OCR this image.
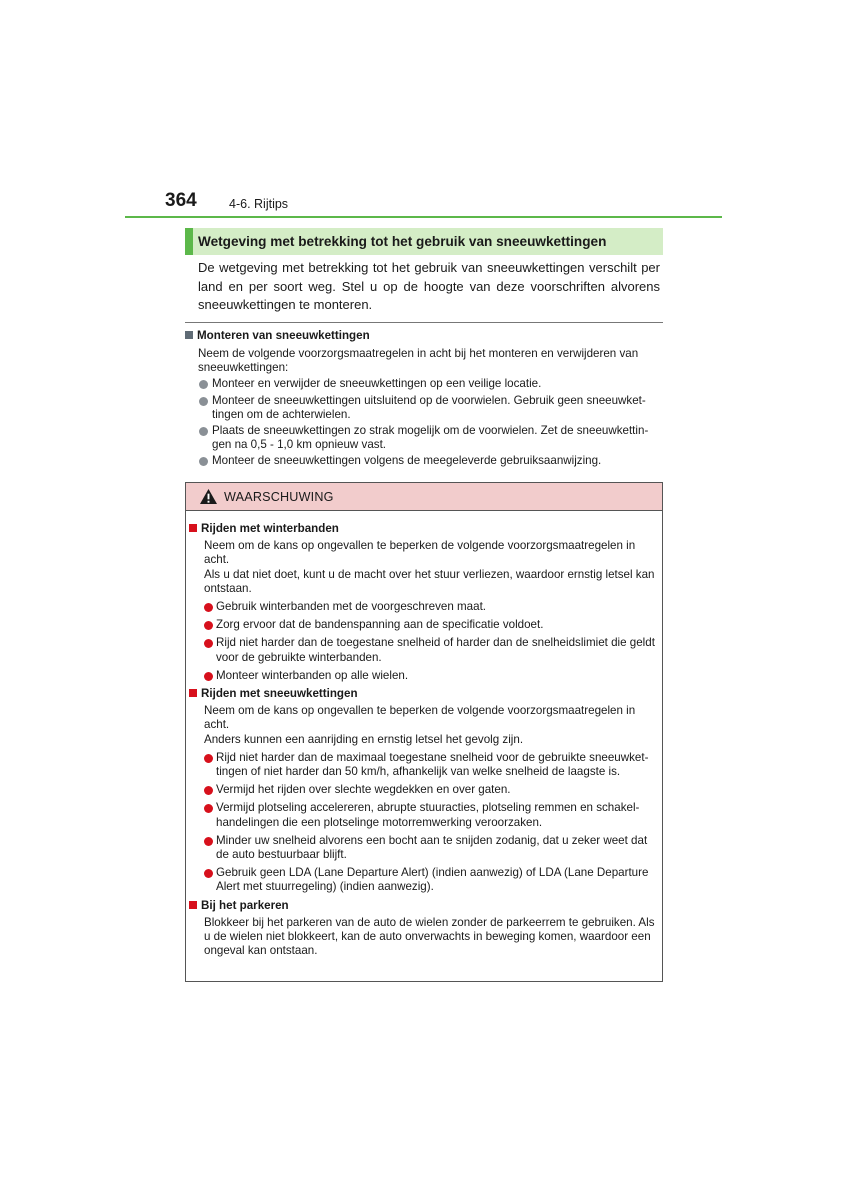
364	4-6. Rijtips
Wetgeving met betrekking tot het gebruik van sneeuwkettingen

De wetgeving met betrekking tot het gebruik van sneeuwkettingen verschilt per land en per soort weg. Stel u op de hoogte van deze voorschriften alvorens sneeuwkettingen te monteren.

Monteren van sneeuwkettingen

Neem de volgende voorzorgsmaatregelen in acht bij het monteren en verwijderen van sneeuwkettingen:

Monteer en verwijder de sneeuwkettingen op een veilige locatie.
Monteer de sneeuwkettingen uitsluitend op de voorwielen. Gebruik geen sneeuwkettingen om de achterwielen.
Plaats de sneeuwkettingen zo strak mogelijk om de voorwielen. Zet de sneeuwkettingen na 0,5 - 1,0 km opnieuw vast.
Monteer de sneeuwkettingen volgens de meegeleverde gebruiksaanwijzing.
WAARSCHUWING
Rijden met winterbanden

Neem om de kans op ongevallen te beperken de volgende voorzorgsmaatregelen in acht.

Als u dat niet doet, kunt u de macht over het stuur verliezen, waardoor ernstig letsel kan ontstaan.

Gebruik winterbanden met de voorgeschreven maat.
Zorg ervoor dat de bandenspanning aan de specificatie voldoet.
Rijd niet harder dan de toegestane snelheid of harder dan de snelheidslimiet die geldt voor de gebruikte winterbanden.
Monteer winterbanden op alle wielen.
Rijden met sneeuwkettingen

Neem om de kans op ongevallen te beperken de volgende voorzorgsmaatregelen in acht.

Anders kunnen een aanrijding en ernstig letsel het gevolg zijn.

Rijd niet harder dan de maximaal toegestane snelheid voor de gebruikte sneeuwkettingen of niet harder dan 50 km/h, afhankelijk van welke snelheid de laagste is.
Vermijd het rijden over slechte wegdekken en over gaten.
Vermijd plotseling accelereren, abrupte stuuracties, plotseling remmen en schakelhandelingen die een plotselinge motorremwerking veroorzaken.
Minder uw snelheid alvorens een bocht aan te snijden zodanig, dat u zeker weet dat de auto bestuurbaar blijft.
Gebruik geen LDA (Lane Departure Alert) (indien aanwezig) of LDA (Lane Departure Alert met stuurregeling) (indien aanwezig).
Bij het parkeren

Blokkeer bij het parkeren van de auto de wielen zonder de parkeerrem te gebruiken. Als u de wielen niet blokkeert, kan de auto onverwachts in beweging komen, waardoor een ongeval kan ontstaan.
